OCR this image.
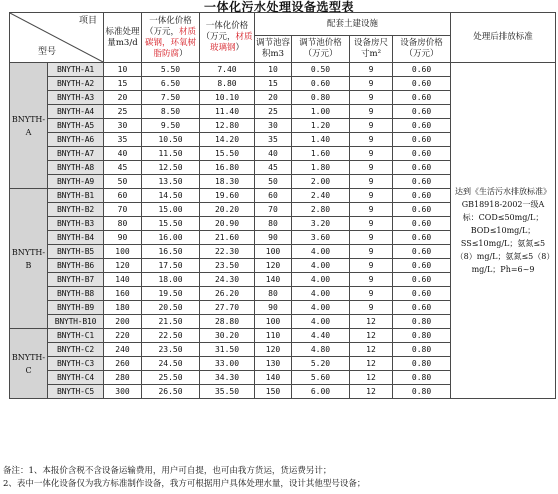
一体化污水处理设备选型表
项目
型号		标准处理量m3/d	一体化价格（万元，材质碳钢，环氧树脂防腐）	一体化价格（万元，材质玻璃钢）	配套土建设施				处理后排放标准
					调节池容积m3	调节池价格（万元）	设备房尺寸m²	设备房价格（万元）	
BNYTH-A	BNYTH-A1	10	5.50	7.40	10	0.50	9	0.60	达到《生活污水排放标准》GB18918-2002一级A标：COD≤50mg/L；BOD≤10mg/L；SS≤10mg/L；氨氮≤5（8）mg/L；氨氮≤5（8）mg/L；Ph=6~9
	BNYTH-A2	15	6.50	8.80	15	0.60	9	0.60	
	BNYTH-A3	20	7.50	10.10	20	0.80	9	0.60	
	BNYTH-A4	25	8.50	11.40	25	1.00	9	0.60	
	BNYTH-A5	30	9.50	12.80	30	1.20	9	0.60	
	BNYTH-A6	35	10.50	14.20	35	1.40	9	0.60	
	BNYTH-A7	40	11.50	15.50	40	1.60	9	0.60	
	BNYTH-A8	45	12.50	16.80	45	1.80	9	0.60	
	BNYTH-A9	50	13.50	18.30	50	2.00	9	0.60	
BNYTH-B	BNYTH-B1	60	14.50	19.60	60	2.40	9	0.60	
	BNYTH-B2	70	15.00	20.20	70	2.80	9	0.60	
	BNYTH-B3	80	15.50	20.90	80	3.20	9	0.60	
	BNYTH-B4	90	16.00	21.60	90	3.60	9	0.60	
	BNYTH-B5	100	16.50	22.30	100	4.00	9	0.60	
	BNYTH-B6	120	17.50	23.50	120	4.00	9	0.60	
	BNYTH-B7	140	18.00	24.30	140	4.00	9	0.60	
	BNYTH-B8	160	19.50	26.20	80	4.00	9	0.60	
	BNYTH-B9	180	20.50	27.70	90	4.00	9	0.60	
	BNYTH-B10	200	21.50	28.80	100	4.00	12	0.80	
BNYTH-C	BNYTH-C1	220	22.50	30.20	110	4.40	12	0.80	
	BNYTH-C2	240	23.50	31.50	120	4.80	12	0.80	
	BNYTH-C3	260	24.50	33.00	130	5.20	12	0.80	
	BNYTH-C4	280	25.50	34.30	140	5.60	12	0.80	
	BNYTH-C5	300	26.50	35.50	150	6.00	12	0.80	
备注：1、本报价含税不含设备运输费用，用户可自提，也可由我方货运，货运费另计；
2、表中一体化设备仅为我方标准制作设备，我方可根据用户具体处理水量，设计其他型号设备；
